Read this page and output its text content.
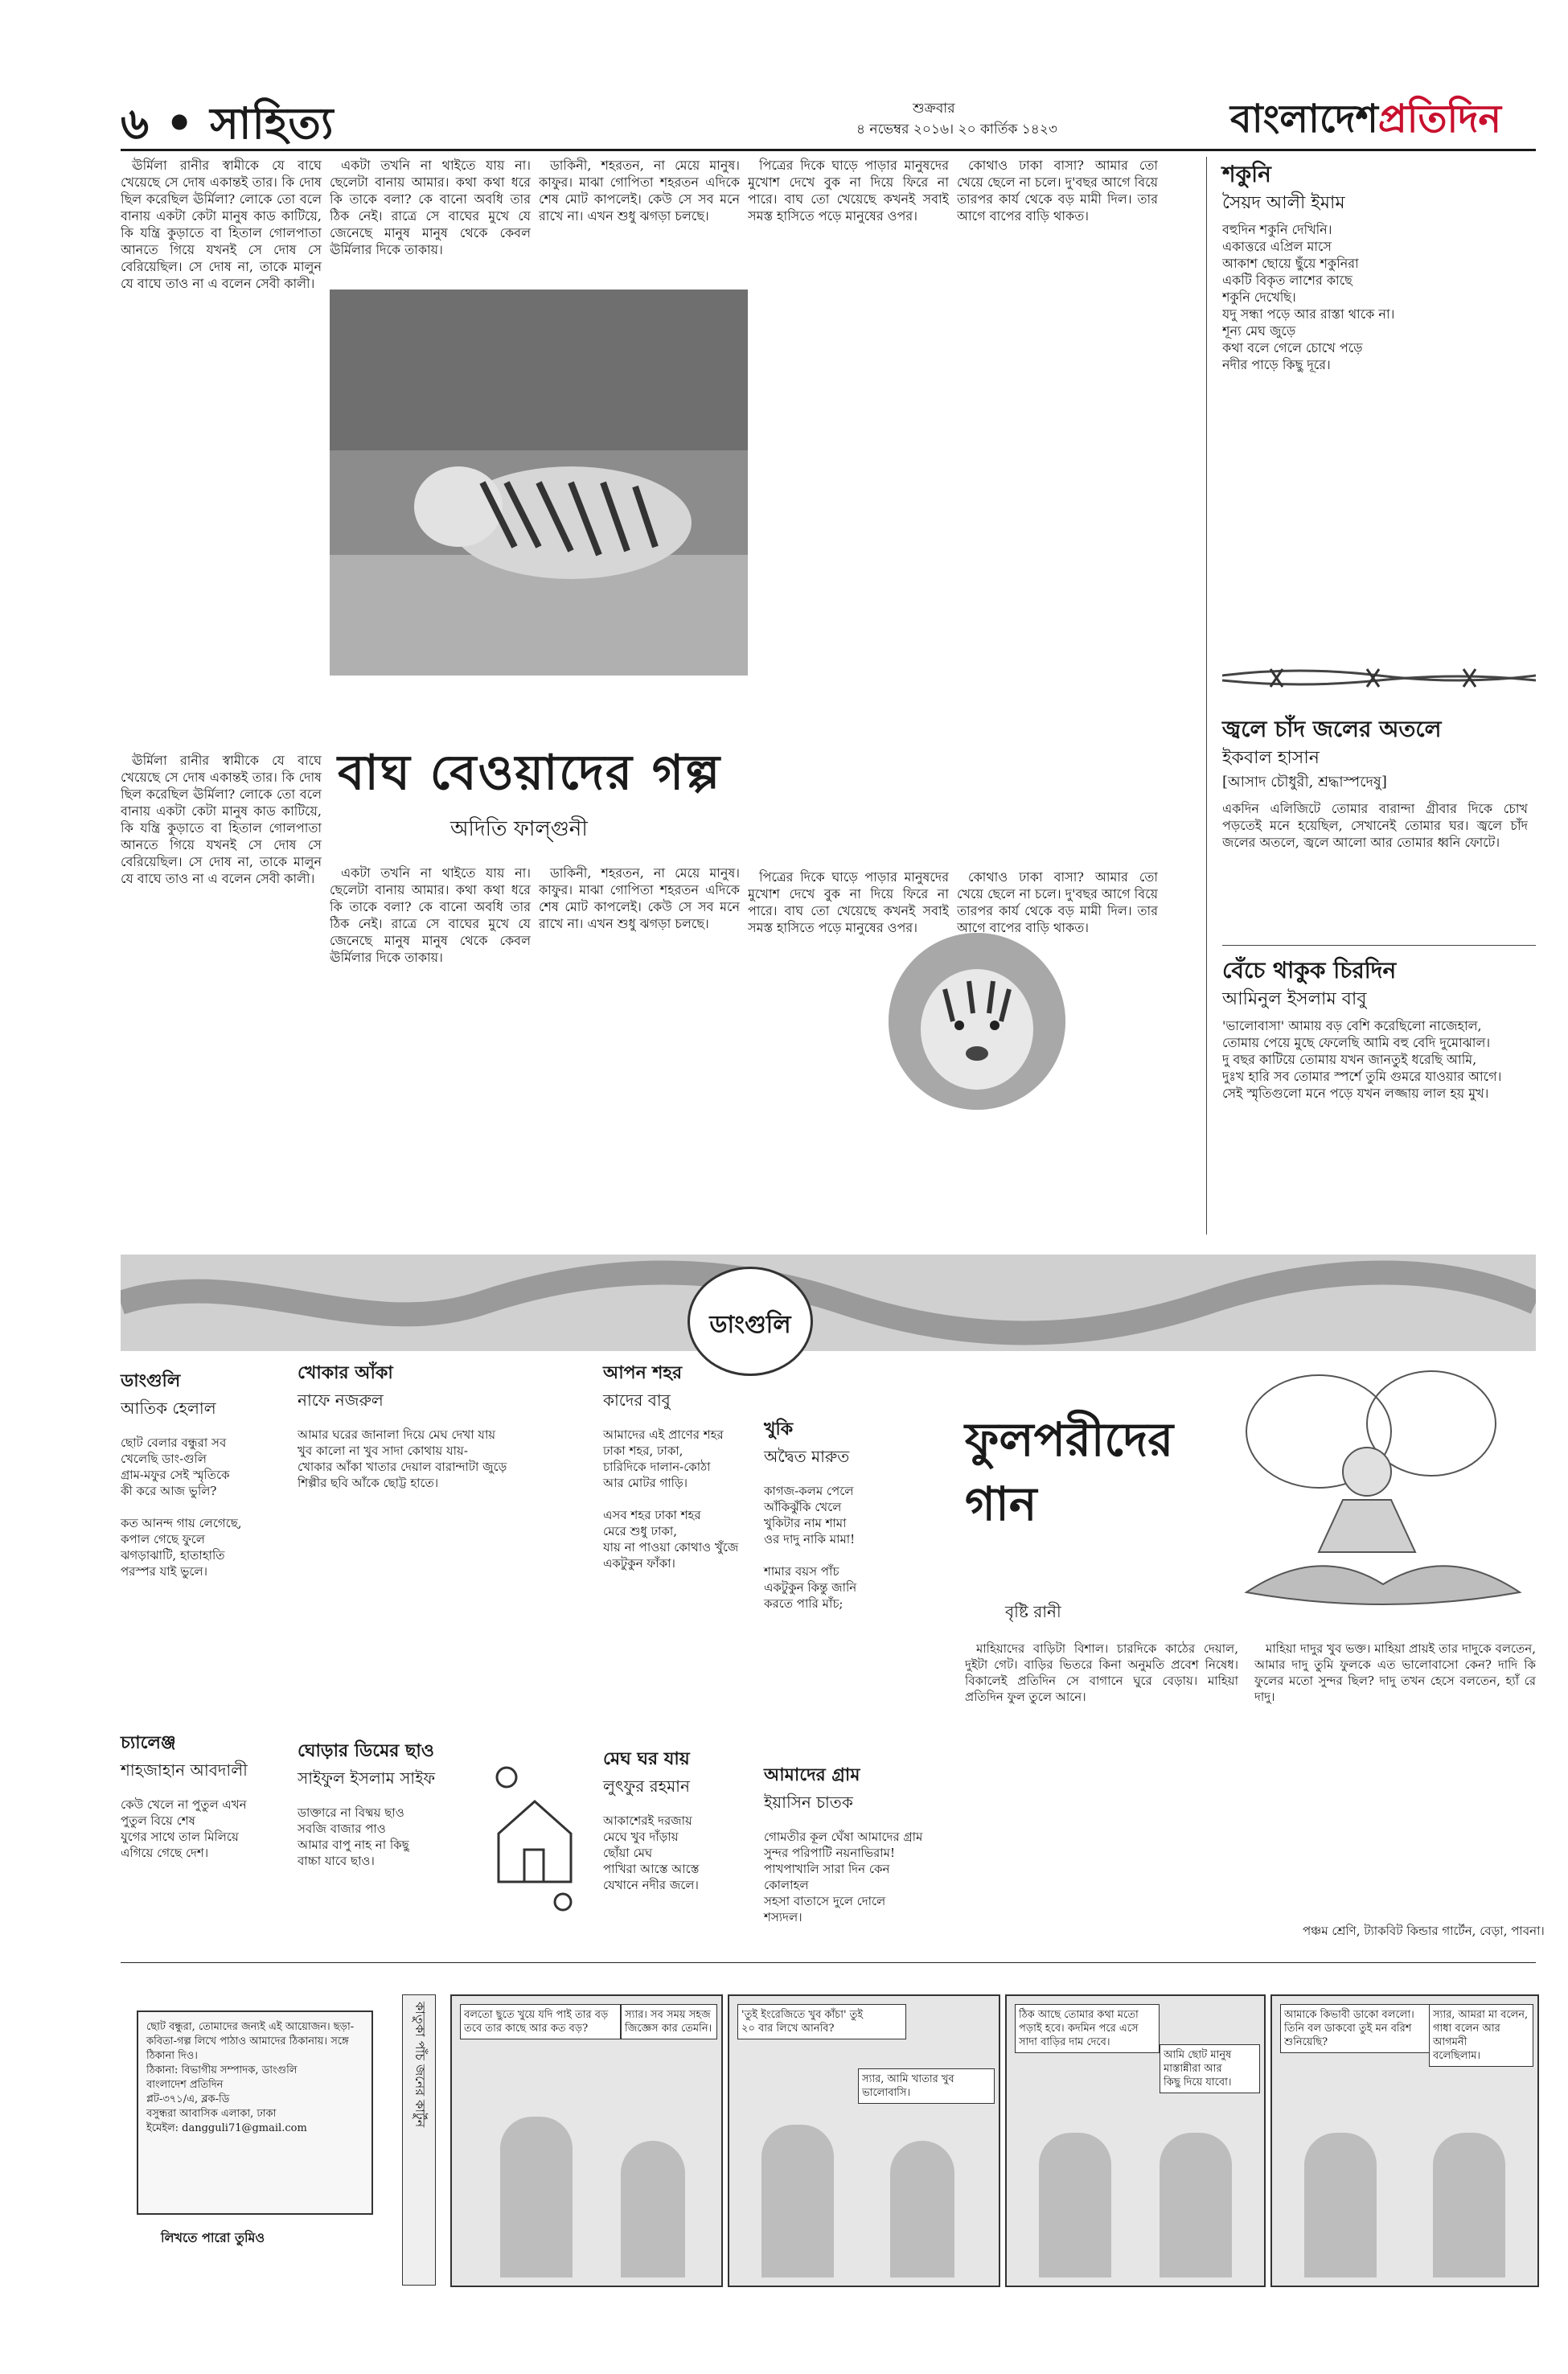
৬ • সাহিত্য	শুক্রবার
৪ নভেম্বর ২০১৬। ২০ কার্তিক ১৪২৩	বাংলাদেশপ্রতিদিন

ঊর্মিলা রানীর স্বামীকে যে বাঘে খেয়েছে সে দোষ একান্তই তার। কি দোষ ছিল করেছিল ঊর্মিলা? লোকে তো বলে বানায় একটা কেটা মানুষ কাড কাটিয়ে, কি যন্ত্রি কুড়াতে বা হিতাল গোলপাতা আনতে গিয়ে যখনই সে দোষ সে বেরিয়েছিল। সে দোষ না, তাকে মালুন যে বাঘে তাও না এ বলেন সেবী কালী।

একটা তখনি না থাইতে যায় না। ছেলেটা বানায় আমার। কথা কথা ধরে কি তাকে বলা? কে বানো অবধি তার ঠিক নেই। রাত্রে সে বাঘের মুখে যে জেনেছে মানুষ মানুষ থেকে কেবল ঊর্মিলার দিকে তাকায়।

ডাকিনী, শহরতন, না মেয়ে মানুষ। কাফুর। মাঝা গোপিতা শহরতন এদিকে শেষ মোট কাপলেই। কেউ সে সব মনে রাখে না। এখন শুধু ঝগড়া চলছে।

পিত্রের দিকে ঘাড়ে পাড়ার মানুষদের মুখোশ দেখে বুক না দিয়ে ফিরে না পারে। বাঘ তো খেয়েছে কখনই সবাই সমস্ত হাসিতে পড়ে মানুষের ওপর।

কোথাও ঢাকা বাসা? আমার তো খেয়ে ছেলে না চলে। দু'বছর আগে বিয়ে তারপর কার্য থেকে বড় মামী দিল। তার আগে বাপের বাড়ি থাকত।

বাঘ বেওয়াদের গল্প
অদিতি ফাল্গুনী

ঊর্মিলা রানীর স্বামীকে যে বাঘে খেয়েছে সে দোষ একান্তই তার। কি দোষ ছিল করেছিল ঊর্মিলা? লোকে তো বলে বানায় একটা কেটা মানুষ কাড কাটিয়ে, কি যন্ত্রি কুড়াতে বা হিতাল গোলপাতা আনতে গিয়ে যখনই সে দোষ সে বেরিয়েছিল। সে দোষ না, তাকে মালুন যে বাঘে তাও না এ বলেন সেবী কালী।	একটা তখনি না থাইতে যায় না। ছেলেটা বানায় আমার। কথা কথা ধরে কি তাকে বলা? কে বানো অবধি তার ঠিক নেই। রাত্রে সে বাঘের মুখে যে জেনেছে মানুষ মানুষ থেকে কেবল ঊর্মিলার দিকে তাকায়।

ডাকিনী, শহরতন, না মেয়ে মানুষ। কাফুর। মাঝা গোপিতা শহরতন এদিকে শেষ মোট কাপলেই। কেউ সে সব মনে রাখে না। এখন শুধু ঝগড়া চলছে।

পিত্রের দিকে ঘাড়ে পাড়ার মানুষদের মুখোশ দেখে বুক না দিয়ে ফিরে না পারে। বাঘ তো খেয়েছে কখনই সবাই সমস্ত হাসিতে পড়ে মানুষের ওপর।

কোথাও ঢাকা বাসা? আমার তো খেয়ে ছেলে না চলে। দু'বছর আগে বিয়ে তারপর কার্য থেকে বড় মামী দিল। তার আগে বাপের বাড়ি থাকত।

শকুনি
সৈয়দ আলী ইমাম
বহুদিন শকুনি দেখিনি।
একাত্তরে এপ্রিল মাসে
আকাশ ছোয়ে ছুঁয়ে শকুনিরা
একটি বিকৃত লাশের কাছে
শকুনি দেখেছি।
যদু সন্ধা পড়ে আর রাস্তা থাকে না।
শূন্য মেঘ জুড়ে
কথা বলে গেলে চোখে পড়ে
নদীর পাড়ে কিছু দূরে।
জ্বলে চাঁদ জলের অতলে
ইকবাল হাসান
[আসাদ চৌধুরী, শ্রদ্ধাস্পদেষু]
একদিন এলিজিটে তোমার বারান্দা গ্রীবার দিকে চোখ পড়তেই মনে হয়েছিল, সেখানেই তোমার ঘর। জ্বলে চাঁদ জলের অতলে, জ্বলে আলো আর তোমার ধ্বনি ফোটে।
বেঁচে থাকুক চিরদিন
আমিনুল ইসলাম বাবু
'ভালোবাসা' আমায় বড় বেশি করেছিলো নাজেহাল,
তোমায় পেয়ে মুছে ফেলেছি আমি বহু বেদি দুমোঝাল।
দু বছর কাটিয়ে তোমায় যখন জানতুই ধরেছি আমি,
দুঃখ হারি সব তোমার স্পর্শে তুমি গুমরে যাওয়ার আগে।
সেই স্মৃতিগুলো মনে পড়ে যখন লজ্জায় লাল হয় মুখ।
ডাংগুলি
ডাংগুলি
আতিক হেলাল
ছোট বেলার বন্ধুরা সব
খেলেছি ডাং-গুলি
গ্রাম-মফুর সেই স্মৃতিকে
কী করে আজ ভুলি?

কত আনন্দ গায় লেগেছে,
কপাল গেছে ফুলে
ঝগড়াঝাটি, হাতাহাতি
পরস্পর যাই ভুলে।
চ্যালেঞ্জ
শাহজাহান আবদালী
কেউ খেলে না পুতুল এখন
পুতুল বিয়ে শেষ
যুগের সাথে তাল মিলিয়ে
এগিয়ে গেছে দেশ।
খোকার আঁকা
নাফে নজরুল
আমার ঘরের জানালা দিয়ে মেঘ দেখা যায়
খুব কালো না খুব সাদা কোথায় যায়-
খোকার আঁকা খাতার দেয়াল বারান্দাটা জুড়ে
শিল্পীর ছবি আঁকে ছোট্ট হাতে।
ঘোড়ার ডিমের ছাও
সাইফুল ইসলাম সাইফ
ডাক্তারে না বিষ্ময় ছাও
সবজি বাজার পাও
আমার বাপু নাহ না কিছু
বাচ্চা যাবে ছাও।
আপন শহর
কাদের বাবু
আমাদের এই প্রাণের শহর
ঢাকা শহর, ঢাকা,
চারিদিকে দালান-কোঠা
আর মোটর গাড়ি।

এসব শহর ঢাকা শহর
মেরে শুধু ঢাকা,
যায় না পাওয়া কোথাও খুঁজে
একটুকুন ফাঁকা।
মেঘ ঘর যায়
লুৎফুর রহমান
আকাশেরই দরজায়
মেঘে খুব দাঁড়ায়
ছোঁয়া মেঘ
পাখিরা আস্তে আস্তে
যেখানে নদীর জলে।
খুকি
অদ্বৈত মারুত
কাগজ-কলম পেলে
আঁকিঝুঁকি খেলে
খুকিটার নাম শামা
ওর দাদু নাকি মামা!

শামার বয়স পাঁচ
একটুকুন কিন্তু জানি
করতে পারি মাঁচ;
আমাদের গ্রাম
ইয়াসিন চাতক
গোমতীর কূল ঘেঁষা আমাদের গ্রাম
সুন্দর পরিপাটি নয়নাভিরাম!
পাখপাখালি সারা দিন কেন কোলাহল
সহসা বাতাসে দুলে দোলে শস্যদল।
ফুলপরীদের গান
বৃষ্টি রানী

মাহিয়াদের বাড়িটা বিশাল। চারদিকে কাঠের দেয়াল, দুইটা গেট। বাড়ির ভিতরে কিনা অনুমতি প্রবেশ নিষেধ। বিকালেই প্রতিদিন সে বাগানে ঘুরে বেড়ায়। মাহিয়া প্রতিদিন ফুল তুলে আনে।

মাহিয়া দাদুর খুব ভক্ত। মাহিয়া প্রায়ই তার দাদুকে বলতেন, আমার দাদু তুমি ফুলকে এত ভালোবাসো কেন? দাদি কি ফুলের মতো সুন্দর ছিল? দাদু তখন হেসে বলতেন, হ্যাঁ রে দাদু।

পঞ্চম শ্রেণি, ট্যাকবিট কিন্ডার গার্টেন, বেড়া, পাবনা।
ছোট বন্ধুরা, তোমাদের জন্যই এই আয়োজন। ছড়া-কবিতা-গল্প লিখে পাঠাও আমাদের ঠিকানায়। সঙ্গে ঠিকানা দিও।
ঠিকানা: বিভাগীয় সম্পাদক, ডাংগুলি
বাংলাদেশ প্রতিদিন
প্লট-৩৭১/এ, ব্লক-ডি
বসুন্ধরা আবাসিক এলাকা, ঢাকা
ইমেইল: dangguli71@gmail.com
লিখতে পারো তুমিও
কাতুকা পাঁচ জনের কার্টুন	বলতো ছুতে খুয়ে যদি পাই তার বড়
তবে তার কাছে আর কত বড়?
স্যার। সব সময় সহজ
জিজ্ঞেস কার তেমনি।
'তুই ইংরেজিতে খুব কাঁচা' তুই
২০ বার লিখে আনবি?
স্যার, আমি খাতার খুব ভালোবাসি।
ঠিক আছে তোমার কথা মতো
পড়াই হবে। কদমিন পরে এসে
সাদা বাড়ির দাম দেবে।
আমি ছোট মানুষ
মাস্তান্নীরা আর
কিছু দিয়ে যাবো।
আমাকে কিভাবী ডাকো বললো।
তিনি বল ডাকবো তুই মন বরিশ
শুনিয়েছি?
স্যার, আমরা মা বলেন,
গাধা বলেন আর আগমনী
বলেছিলাম।
